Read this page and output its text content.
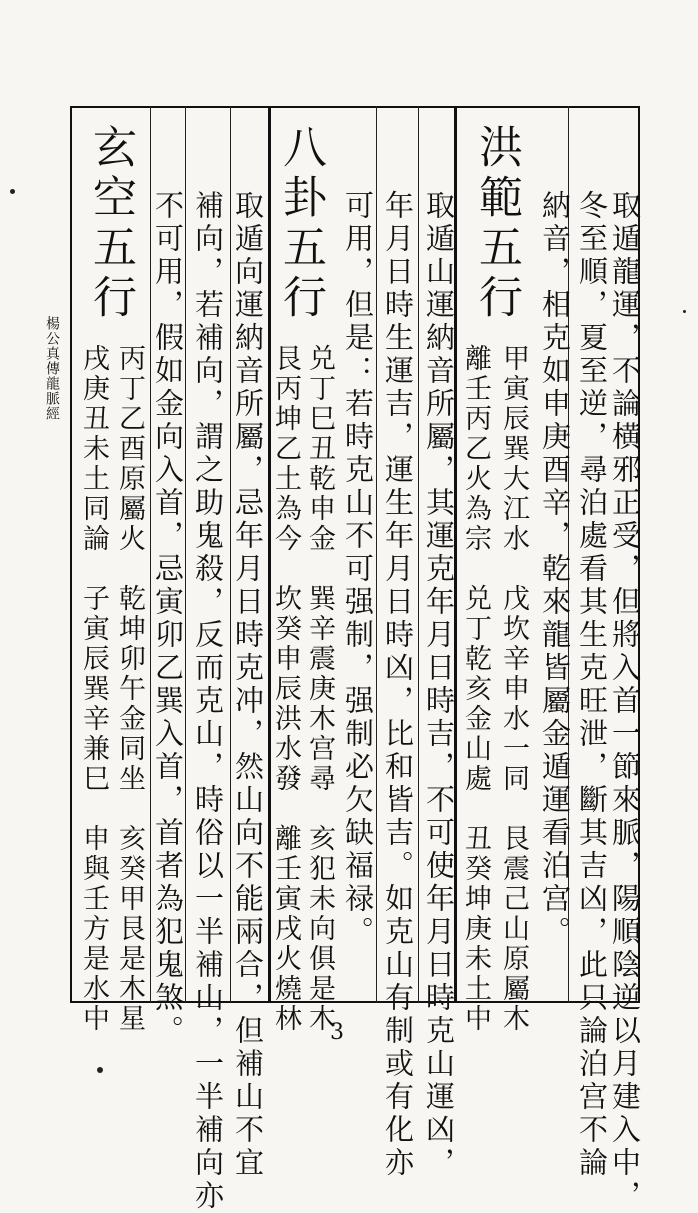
取遁龍運，不論横邪正受，但將入首一節來脈，陽順陰逆以月建入中，
冬至順，夏至逆，尋泊處看其生克旺泄，斷其吉凶，此只論泊宫不論
納音，相克如申庚酉辛，乾來龍皆屬金遁運看泊宫。
洪範五行
甲寅辰巽大江水　戊坎辛申水一同　艮震己山原屬木
離壬丙乙火為宗　兑丁乾亥金山處　丑癸坤庚未土中
取遁山運納音所屬，其運克年月日時吉，不可使年月日時克山運凶，
年月日時生運吉，運生年月日時凶，比和皆吉。如克山有制或有化亦
可用，但是：若時克山不可强制，强制必欠缺福禄。
八卦五行
兑丁巳丑乾申金　巽辛震庚木宫尋　亥犯未向俱是木
艮丙坤乙土為今　坎癸申辰洪水發　離壬寅戌火燒林
取遁向運納音所屬，忌年月日時克冲，然山向不能兩合，但補山不宜
補向，若補向，謂之助鬼殺，反而克山，時俗以一半補山，一半補向亦
不可用，假如金向入首，忌寅卯乙巽入首，首者為犯鬼煞。
玄空五行
丙丁乙酉原屬火　乾坤卯午金同坐　亥癸甲艮是木星
戌庚丑未土同論　子寅辰巽辛兼巳　申與壬方是水中
楊公真傳龍脈經
3
